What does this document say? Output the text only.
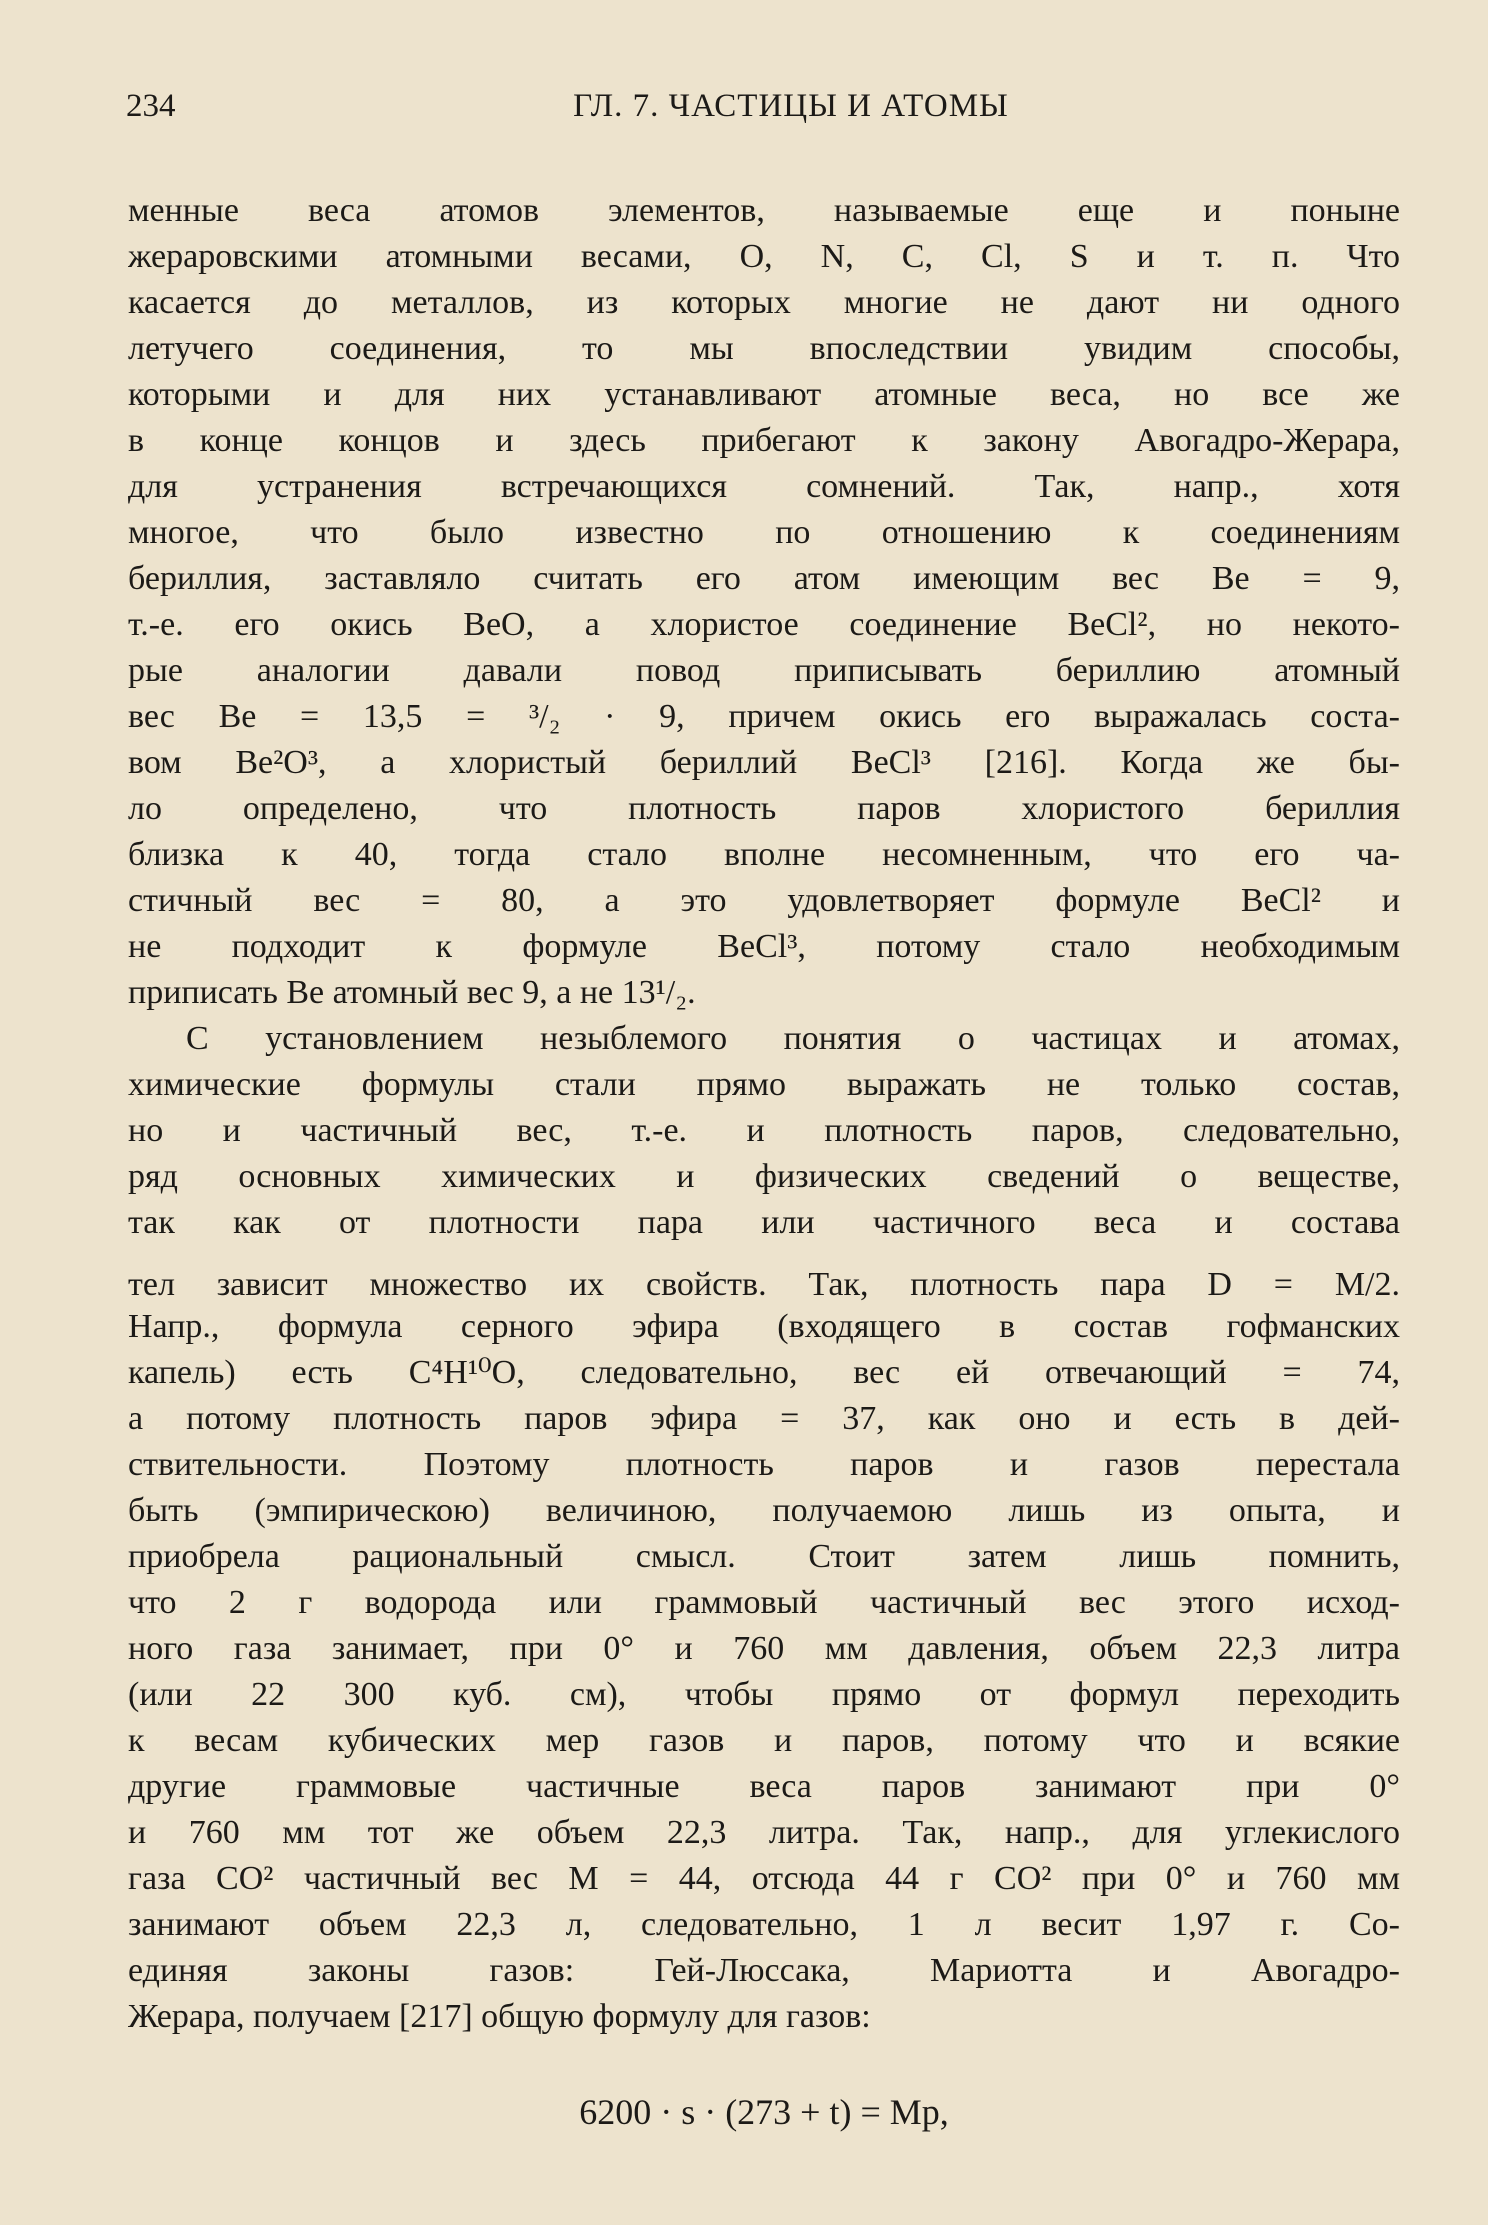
234	ГЛ. 7. ЧАСТИЦЫ И АТОМЫ
менные веса атомов элементов, называемые еще и поныне
жераровскими атомными весами, O, N, C, Cl, S и т. п. Что
касается до металлов, из которых многие не дают ни одного
летучего соединения, то мы впоследствии увидим способы,
которыми и для них устанавливают атомные веса, но все же
в конце концов и здесь прибегают к закону Авогадро-Жерара,
для устранения встречающихся сомнений. Так, напр., хотя
многое, что было известно по отношению к соединениям
бериллия, заставляло считать его атом имеющим вес Be = 9,
т.-е. его окись BeO, а хлористое соединение BeCl², но некото-
рые аналогии давали повод приписывать бериллию атомный
вес Be = 13,5 = ³/₂ · 9, причем окись его выражалась соста-
вом Be²O³, а хлористый бериллий BeCl³ [216]. Когда же бы-
ло определено, что плотность паров хлористого бериллия
близка к 40, тогда стало вполне несомненным, что его ча-
стичный вес = 80, а это удовлетворяет формуле BeCl² и
не подходит к формуле BeCl³, потому стало необходимым
приписать Be атомный вес 9, а не 13¹/₂.
С установлением незыблемого понятия о частицах и атомах,
химические формулы стали прямо выражать не только состав,
но и частичный вес, т.-е. и плотность паров, следовательно,
ряд основных химических и физических сведений о веществе,
так как от плотности пара или частичного веса и состава
тел зависит множество их свойств. Так, плотность пара D = M/2.
Напр., формула серного эфира (входящего в состав гофманских
капель) есть C⁴H¹⁰O, следовательно, вес ей отвечающий = 74,
а потому плотность паров эфира = 37, как оно и есть в дей-
ствительности. Поэтому плотность паров и газов перестала
быть (эмпирическою) величиною, получаемою лишь из опыта, и
приобрела рациональный смысл. Стоит затем лишь помнить,
что 2 г водорода или граммовый частичный вес этого исход-
ного газа занимает, при 0° и 760 мм давления, объем 22,3 литра
(или 22 300 куб. см), чтобы прямо от формул переходить
к весам кубических мер газов и паров, потому что и всякие
другие граммовые частичные веса паров занимают при 0°
и 760 мм тот же объем 22,3 литра. Так, напр., для углекислого
газа CO² частичный вес M = 44, отсюда 44 г CO² при 0° и 760 мм
занимают объем 22,3 л, следовательно, 1 л весит 1,97 г. Со-
единяя законы газов: Гей-Люссака, Мариотта и Авогадро-
Жерара, получаем [217] общую формулу для газов:
6200 · s · (273 + t) = Mp,
